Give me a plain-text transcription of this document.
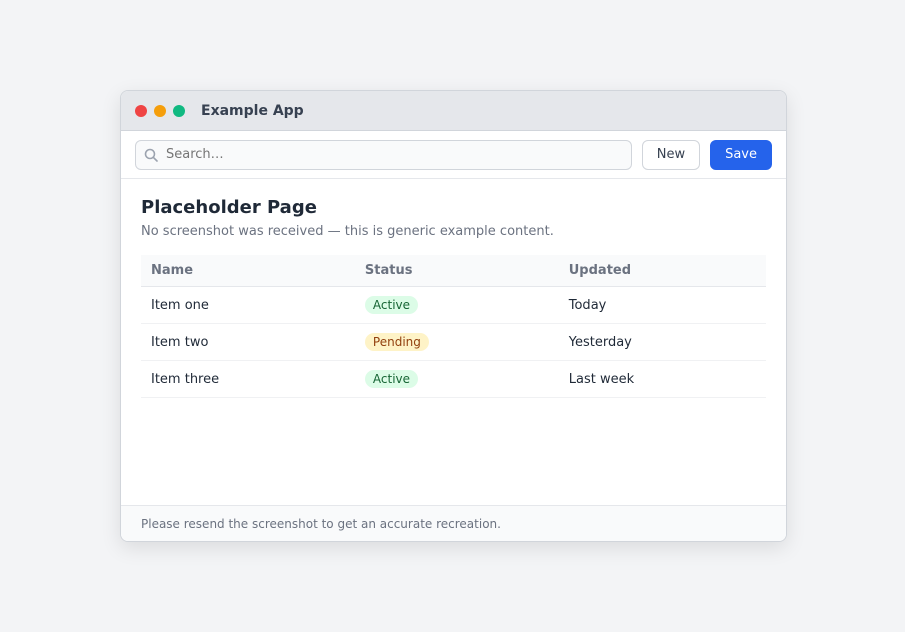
Example App
Search…
New	Save
Placeholder Page

No screenshot was received — this is generic example content.

Name	Status	Updated
Item one	Active	Today
Item two	Pending	Yesterday
Item three	Active	Last week
Please resend the screenshot to get an accurate recreation.
